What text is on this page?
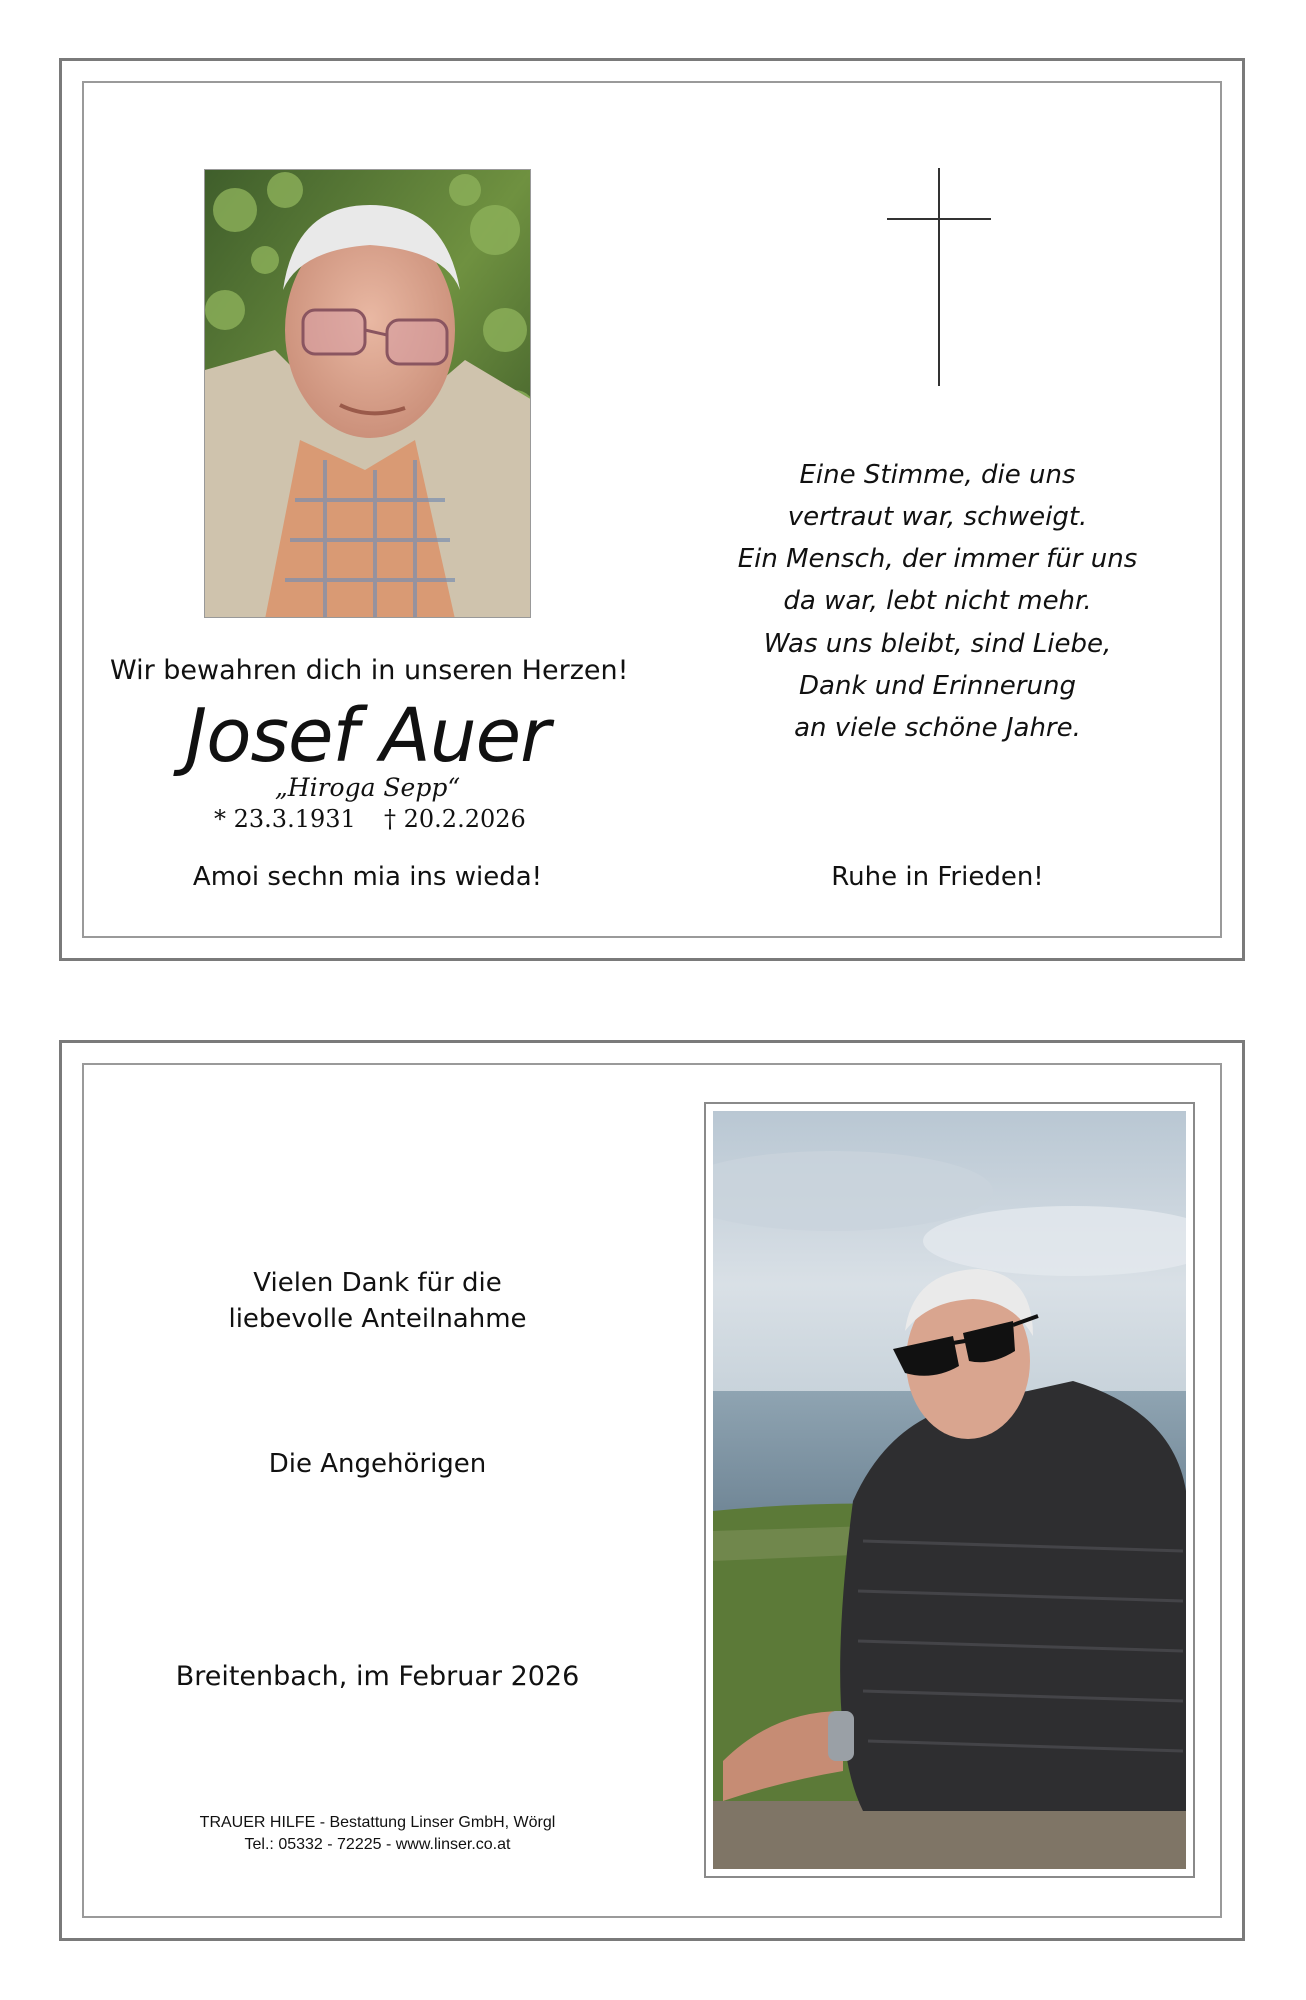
Wir bewahren dich in unseren Herzen!
Josef Auer
„Hiroga Sepp“
* 23.3.1931 † 20.2.2026
Amoi sechn mia ins wieda!
Eine Stimme, die uns
vertraut war, schweigt.
Ein Mensch, der immer für uns
da war, lebt nicht mehr.
Was uns bleibt, sind Liebe,
Dank und Erinnerung
an viele schöne Jahre.
Ruhe in Frieden!
Vielen Dank für die
liebevolle Anteilnahme
Die Angehörigen
Breitenbach, im Februar 2026
TRAUER HILFE - Bestattung Linser GmbH, Wörgl
Tel.: 05332 - 72225 - www.linser.co.at
